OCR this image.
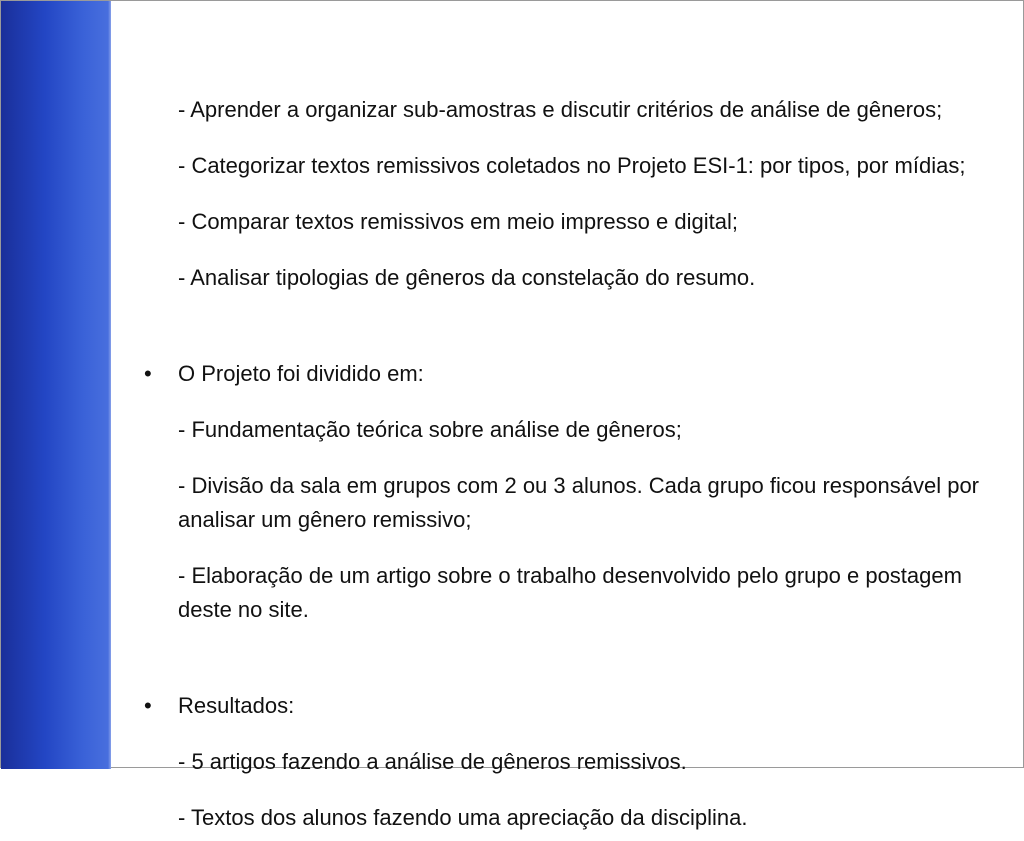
- Aprender a organizar sub-amostras e discutir critérios de análise de gêneros;

- Categorizar textos remissivos coletados no Projeto ESI-1: por tipos, por mídias;

- Comparar textos remissivos em meio impresso e digital;

- Analisar tipologias de gêneros da constelação do resumo.

• O Projeto foi dividido em:

- Fundamentação teórica sobre análise de gêneros;

- Divisão da sala em grupos com 2 ou 3 alunos. Cada grupo ficou responsável por analisar um gênero remissivo;

- Elaboração de um artigo sobre o trabalho desenvolvido pelo grupo e postagem deste no site.

• Resultados:

- 5 artigos fazendo a análise de gêneros remissivos.

- Textos dos alunos fazendo uma apreciação da disciplina.
